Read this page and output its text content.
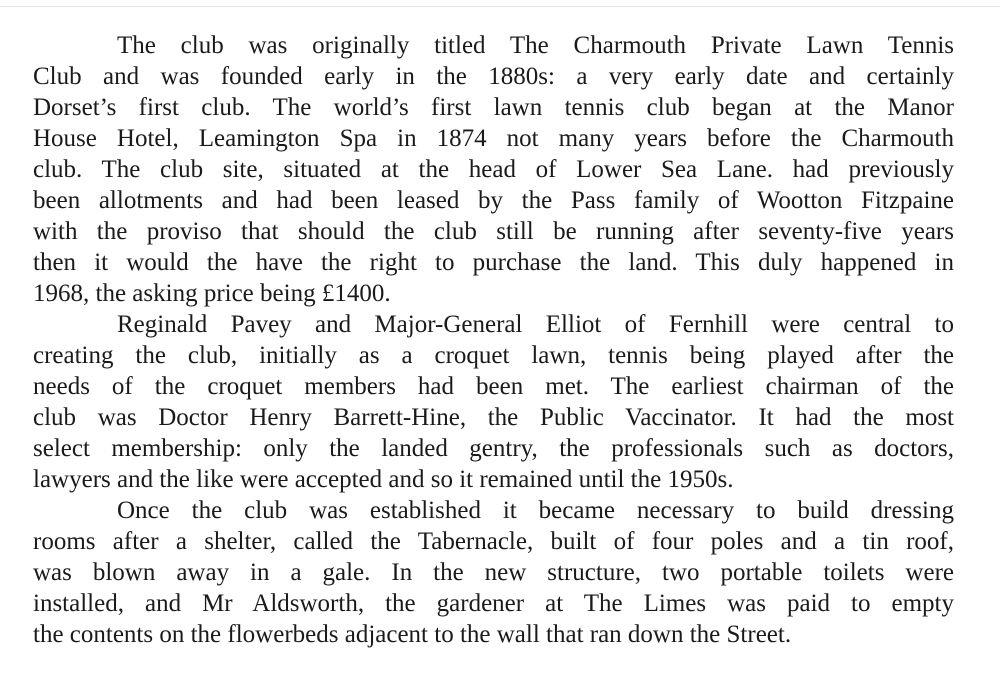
The club was originally titled The Charmouth Private Lawn Tennis
Club and was founded early in the 1880s: a very early date and certainly
Dorset’s first club. The world’s first lawn tennis club began at the Manor
House Hotel, Leamington Spa in 1874 not many years before the Charmouth
club. The club site, situated at the head of Lower Sea Lane. had previously
been allotments and had been leased by the Pass family of Wootton Fitzpaine
with the proviso that should the club still be running after seventy-five years
then it would the have the right to purchase the land. This duly happened in
1968, the asking price being £1400.
Reginald Pavey and Major-General Elliot of Fernhill were central to
creating the club, initially as a croquet lawn, tennis being played after the
needs of the croquet members had been met. The earliest chairman of the
club was Doctor Henry Barrett-Hine, the Public Vaccinator. It had the most
select membership: only the landed gentry, the professionals such as doctors,
lawyers and the like were accepted and so it remained until the 1950s.
Once the club was established it became necessary to build dressing
rooms after a shelter, called the Tabernacle, built of four poles and a tin roof,
was blown away in a gale. In the new structure, two portable toilets were
installed, and Mr Aldsworth, the gardener at The Limes was paid to empty
the contents on the flowerbeds adjacent to the wall that ran down the Street.
